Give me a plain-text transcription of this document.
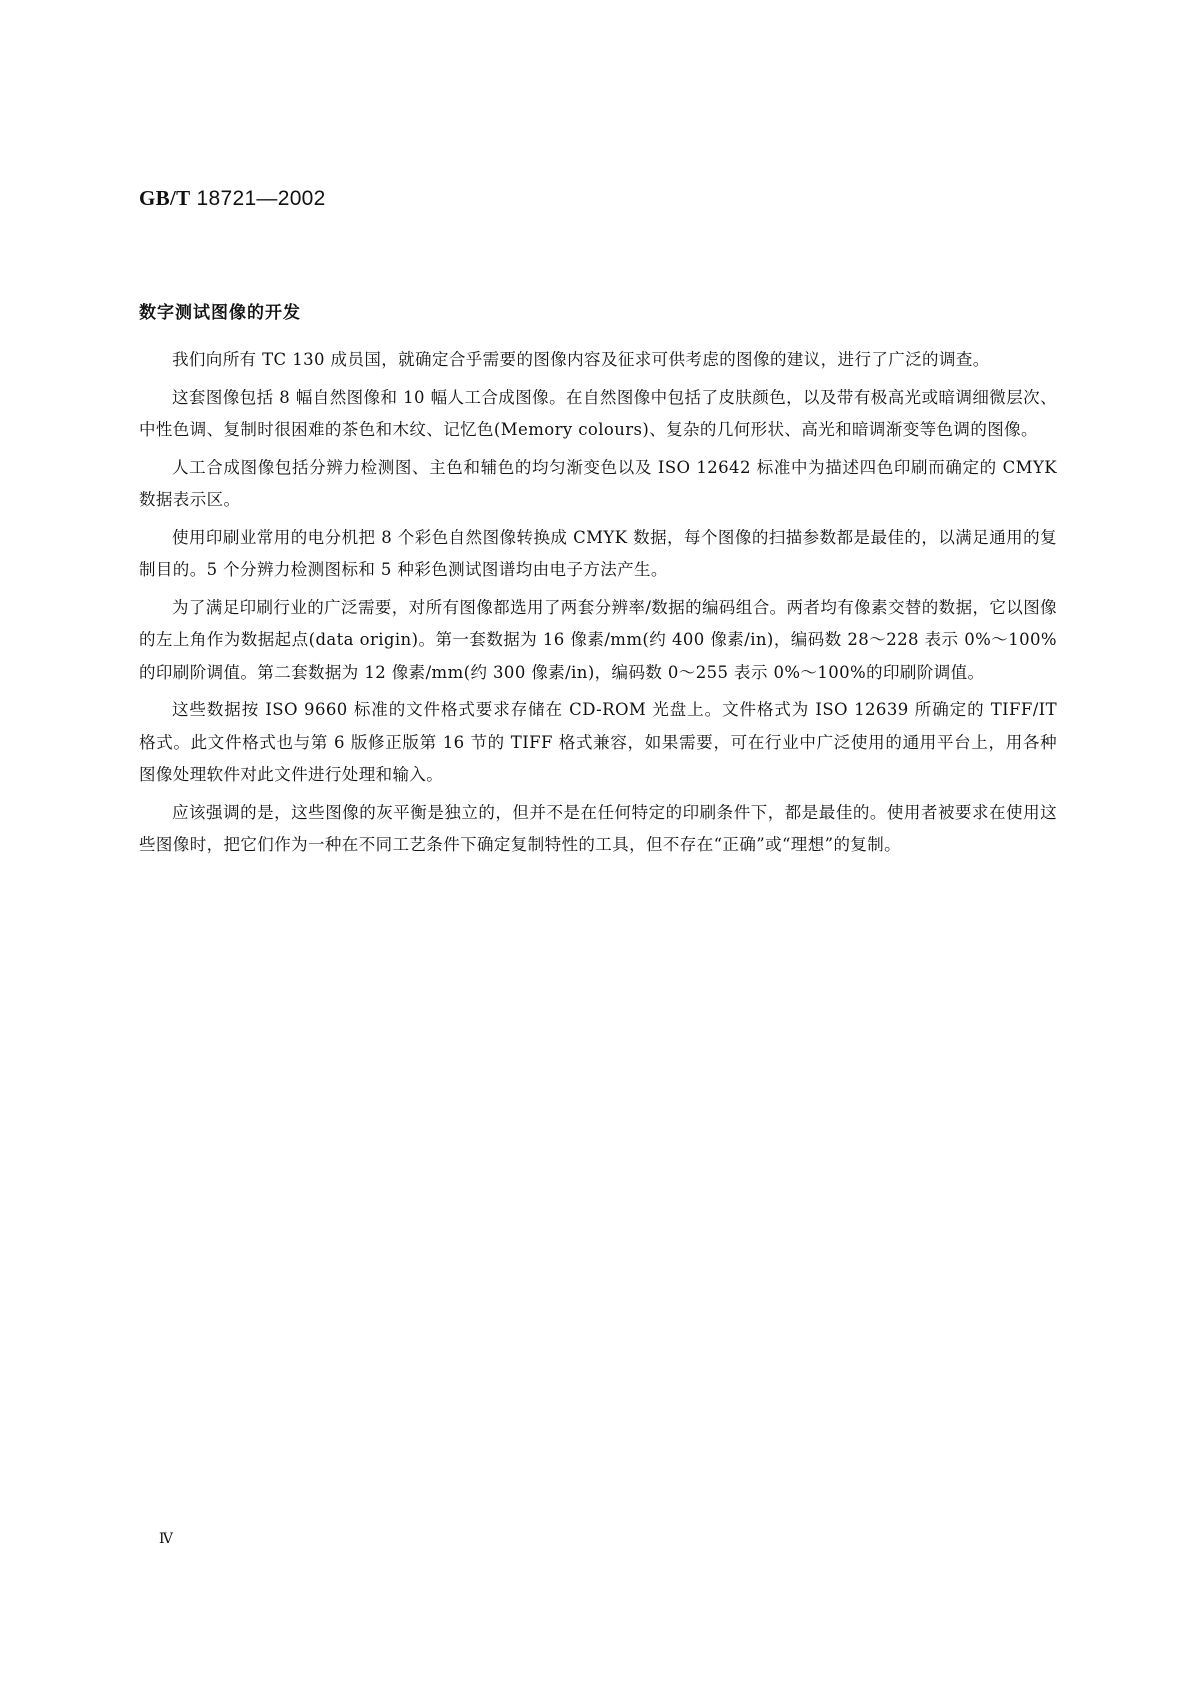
GB/T 18721—2002
数字测试图像的开发

我们向所有 TC 130 成员国，就确定合乎需要的图像内容及征求可供考虑的图像的建议，进行了广泛的调查。

这套图像包括 8 幅自然图像和 10 幅人工合成图像。在自然图像中包括了皮肤颜色，以及带有极高光或暗调细微层次、中性色调、复制时很困难的茶色和木纹、记忆色(Memory colours)、复杂的几何形状、高光和暗调渐变等色调的图像。

人工合成图像包括分辨力检测图、主色和辅色的均匀渐变色以及 ISO 12642 标准中为描述四色印刷而确定的 CMYK 数据表示区。

使用印刷业常用的电分机把 8 个彩色自然图像转换成 CMYK 数据，每个图像的扫描参数都是最佳的，以满足通用的复制目的。5 个分辨力检测图标和 5 种彩色测试图谱均由电子方法产生。

为了满足印刷行业的广泛需要，对所有图像都选用了两套分辨率/数据的编码组合。两者均有像素交替的数据，它以图像的左上角作为数据起点(data origin)。第一套数据为 16 像素/mm(约 400 像素/in)，编码数 28～228 表示 0%～100%的印刷阶调值。第二套数据为 12 像素/mm(约 300 像素/in)，编码数 0～255 表示 0%～100%的印刷阶调值。

这些数据按 ISO 9660 标准的文件格式要求存储在 CD-ROM 光盘上。文件格式为 ISO 12639 所确定的 TIFF/IT 格式。此文件格式也与第 6 版修正版第 16 节的 TIFF 格式兼容，如果需要，可在行业中广泛使用的通用平台上，用各种图像处理软件对此文件进行处理和输入。

应该强调的是，这些图像的灰平衡是独立的，但并不是在任何特定的印刷条件下，都是最佳的。使用者被要求在使用这些图像时，把它们作为一种在不同工艺条件下确定复制特性的工具，但不存在“正确”或“理想”的复制。

Ⅳ
